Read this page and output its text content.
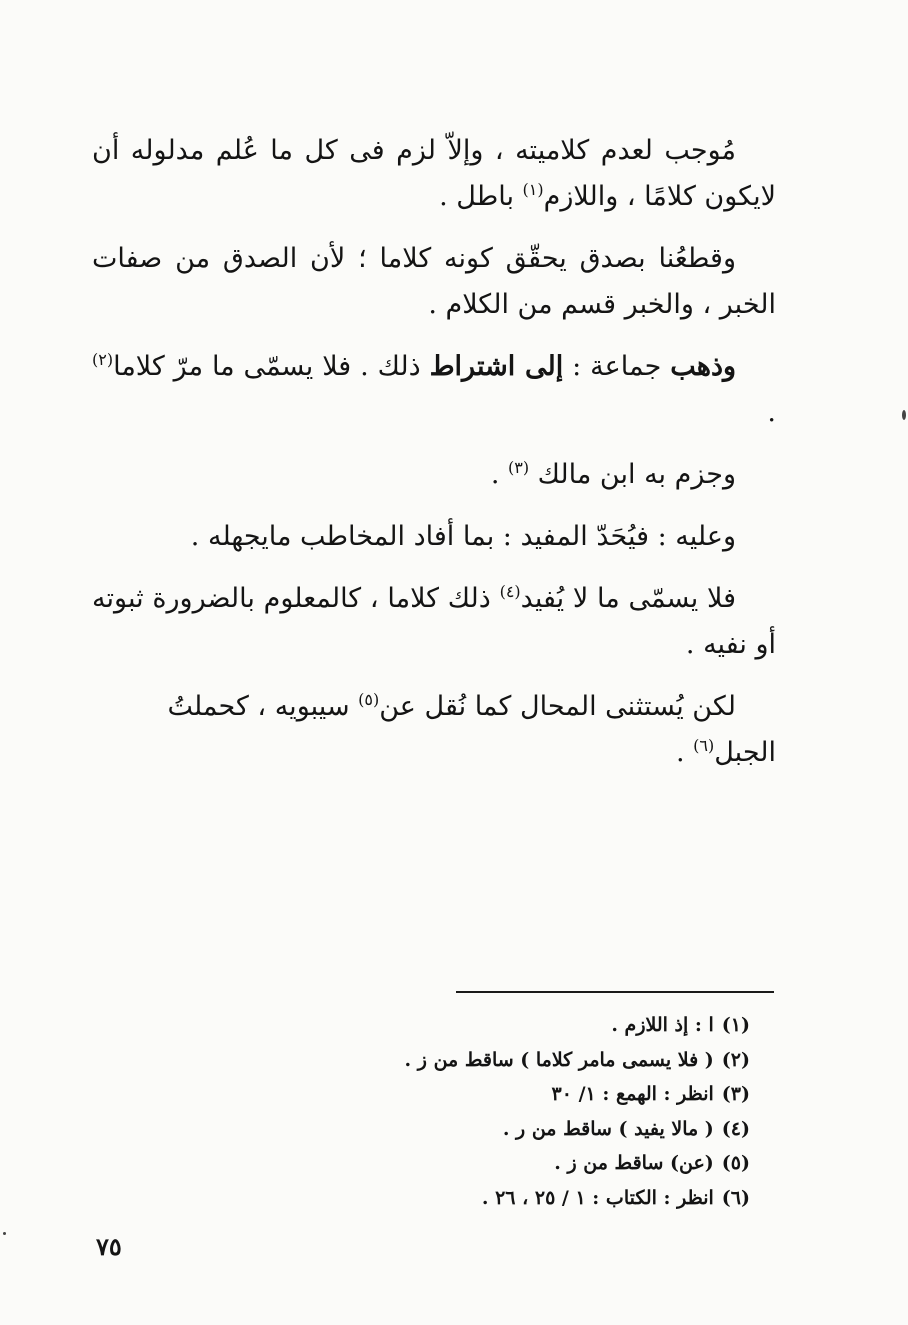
مُوجب لعدم كلاميته ، وإلاّ لزم فى كل ما عُلم مدلوله أن لايكون كلامًا ، واللازم$^{(١)}$ باطل .

وقطعُنا بصدق يحقّق كونه كلاما ؛ لأن الصدق من صفات الخبر ، والخبر قسم من الكلام .

وذهب جماعة : إلى اشتراط ذلك . فلا يسمّى ما مرّ كلاما$^{(٢)}$ .

وجزم به ابن مالك $^{(٣)}$ .

وعليه : فيُحَدّ المفيد : بما أفاد المخاطب مايجهله .

فلا يسمّى ما لا يُفيد$^{(٤)}$ ذلك كلاما ، كالمعلوم بالضرورة ثبوته أو نفيه .

لكن يُستثنى المحال كما نُقل عن$^{(٥)}$ سيبويه ، كحملتُ الجبل$^{(٦)}$ .

(١)ا : إذ اللازم .
(٢)( فلا يسمى مامر كلاما ) ساقط من ز .
(٣)انظر : الهمع : ١/ ٣٠
(٤)( مالا يفيد ) ساقط من ر .
(٥)(عن) ساقط من ز .
(٦)انظر : الكتاب : ١ / ٢٥ ، ٢٦ .
٧٥
